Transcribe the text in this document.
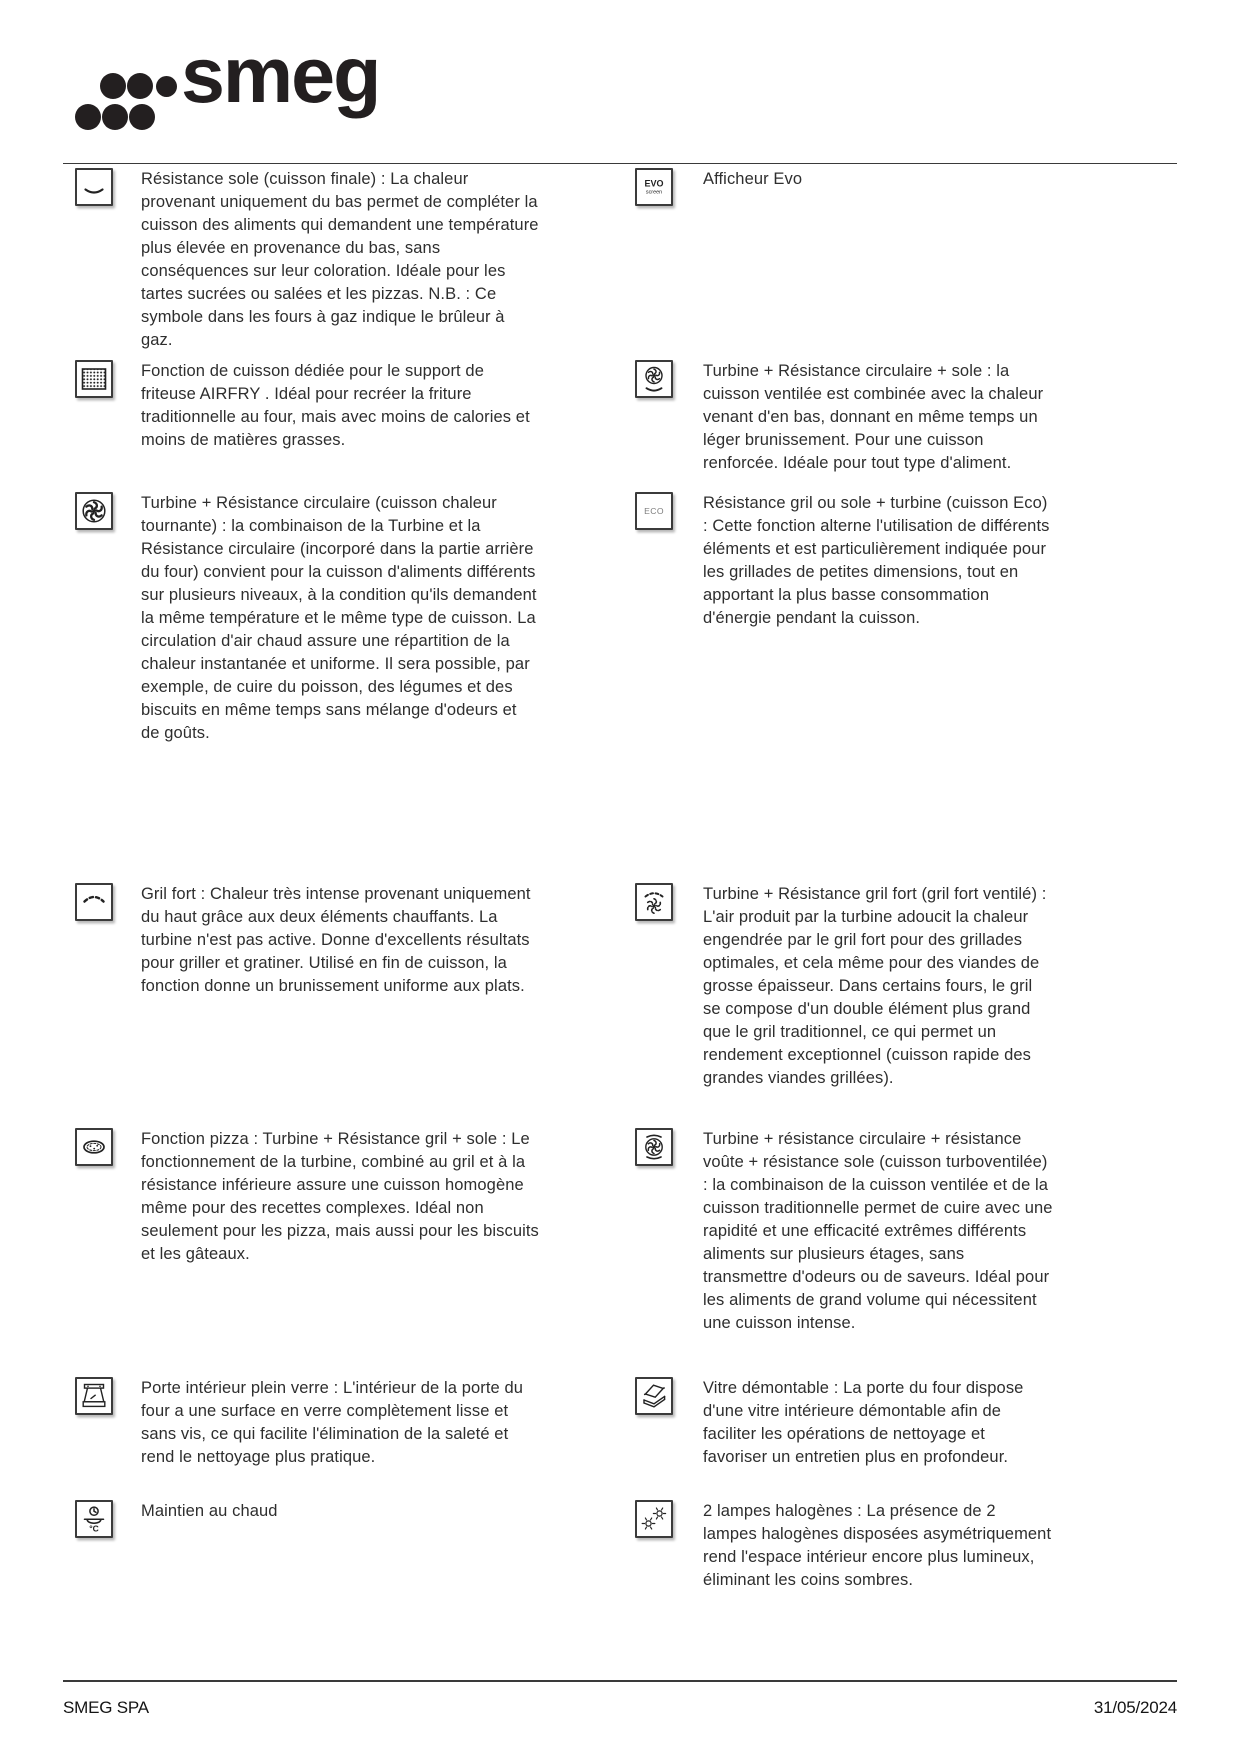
smeg

Résistance sole (cuisson finale) : La chaleur provenant uniquement du bas permet de compléter la cuisson des aliments qui demandent une température plus élevée en provenance du bas, sans conséquences sur leur coloration. Idéale pour les tartes sucrées ou salées et les pizzas. N.B. : Ce symbole dans les fours à gaz indique le brûleur à gaz.

Fonction de cuisson dédiée pour le support de friteuse AIRFRY . Idéal pour recréer la friture traditionnelle au four, mais avec moins de calories et moins de matières grasses.

Turbine + Résistance circulaire (cuisson chaleur tournante) : la combinaison de la Turbine et la Résistance circulaire (incorporé dans la partie arrière du four) convient pour la cuisson d'aliments différents sur plusieurs niveaux, à la condition qu'ils demandent la même température et le même type de cuisson. La circulation d'air chaud assure une répartition de la chaleur instantanée et uniforme. Il sera possible, par exemple, de cuire du poisson, des légumes et des biscuits en même temps sans mélange d'odeurs et de goûts.

Gril fort : Chaleur très intense provenant uniquement du haut grâce aux deux éléments chauffants. La turbine n'est pas active. Donne d'excellents résultats pour griller et gratiner. Utilisé en fin de cuisson, la fonction donne un brunissement uniforme aux plats.

Fonction pizza : Turbine + Résistance gril + sole : Le fonctionnement de la turbine, combiné au gril et à la résistance inférieure assure une cuisson homogène même pour des recettes complexes. Idéal non seulement pour les pizza, mais aussi pour les biscuits et les gâteaux.

Porte intérieur plein verre : L'intérieur de la porte du four a une surface en verre complètement lisse et sans vis, ce qui facilite l'élimination de la saleté et rend le nettoyage plus pratique.

°C

Maintien au chaud

EVO
screen

Afficheur Evo

Turbine + Résistance circulaire + sole : la cuisson ventilée est combinée avec la chaleur venant d'en bas, donnant en même temps un léger brunissement. Pour une cuisson renforcée. Idéale pour tout type d'aliment.

ECO Résistance gril ou sole + turbine (cuisson Eco) : Cette fonction alterne l'utilisation de différents éléments et est particulièrement indiquée pour les grillades de petites dimensions, tout en apportant la plus basse consommation d'énergie pendant la cuisson.

Turbine + Résistance gril fort (gril fort ventilé) : L'air produit par la turbine adoucit la chaleur engendrée par le gril fort pour des grillades optimales, et cela même pour des viandes de grosse épaisseur. Dans certains fours, le gril se compose d'un double élément plus grand que le gril traditionnel, ce qui permet un rendement exceptionnel (cuisson rapide des grandes viandes grillées).

Turbine + résistance circulaire + résistance voûte + résistance sole (cuisson turboventilée) : la combinaison de la cuisson ventilée et de la cuisson traditionnelle permet de cuire avec une rapidité et une efficacité extrêmes différents aliments sur plusieurs étages, sans transmettre d'odeurs ou de saveurs. Idéal pour les aliments de grand volume qui nécessitent une cuisson intense.

Vitre démontable : La porte du four dispose d'une vitre intérieure démontable afin de faciliter les opérations de nettoyage et favoriser un entretien plus en profondeur.

2 lampes halogènes : La présence de 2 lampes halogènes disposées asymétriquement rend l'espace intérieur encore plus lumineux, éliminant les coins sombres.

SMEG SPA	31/05/2024
